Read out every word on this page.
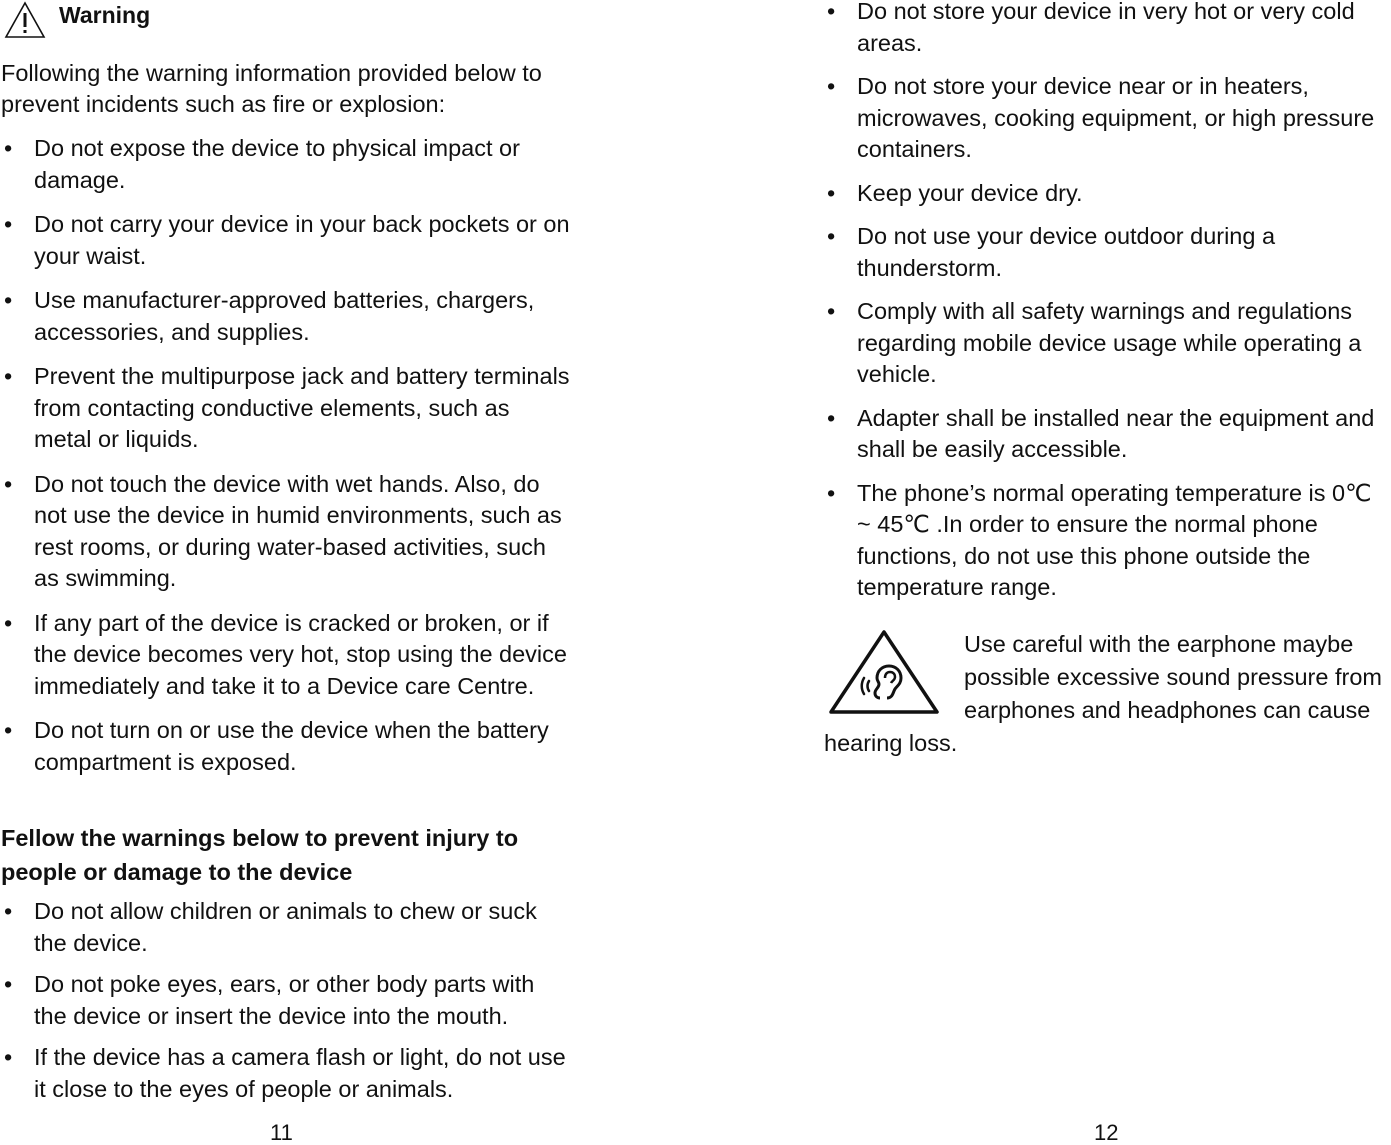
Warning

Following the warning information provided below to prevent incidents such as fire or explosion:

• Do not expose the device to physical impact or damage.
• Do not carry your device in your back pockets or on your waist.
• Use manufacturer-approved batteries, chargers, accessories, and supplies.
• Prevent the multipurpose jack and battery terminals from contacting conductive elements, such as metal or liquids.
• Do not touch the device with wet hands. Also, do not use the device in humid environments, such as rest rooms, or during water-based activities, such as swimming.
• If any part of the device is cracked or broken, or if the device becomes very hot, stop using the device immediately and take it to a Device care Centre.
• Do not turn on or use the device when the battery compartment is exposed.

Fellow the warnings below to prevent injury to people or damage to the device

• Do not allow children or animals to chew or suck the device.
• Do not poke eyes, ears, or other body parts with the device or insert the device into the mouth.
• If the device has a camera flash or light, do not use it close to the eyes of people or animals.
11
• Do not store your device in very hot or very cold areas.
• Do not store your device near or in heaters, microwaves, cooking equipment, or high pressure containers.
• Keep your device dry.
• Do not use your device outdoor during a thunderstorm.
• Comply with all safety warnings and regulations regarding mobile device usage while operating a vehicle.
• Adapter shall be installed near the equipment and shall be easily accessible.
• The phone’s normal operating temperature is 0℃ ~ 45℃ .In order to ensure the normal phone functions, do not use this phone outside the temperature range.
Use careful with the earphone maybe possible excessive sound pressure from earphones and headphones can cause hearing loss.
12
